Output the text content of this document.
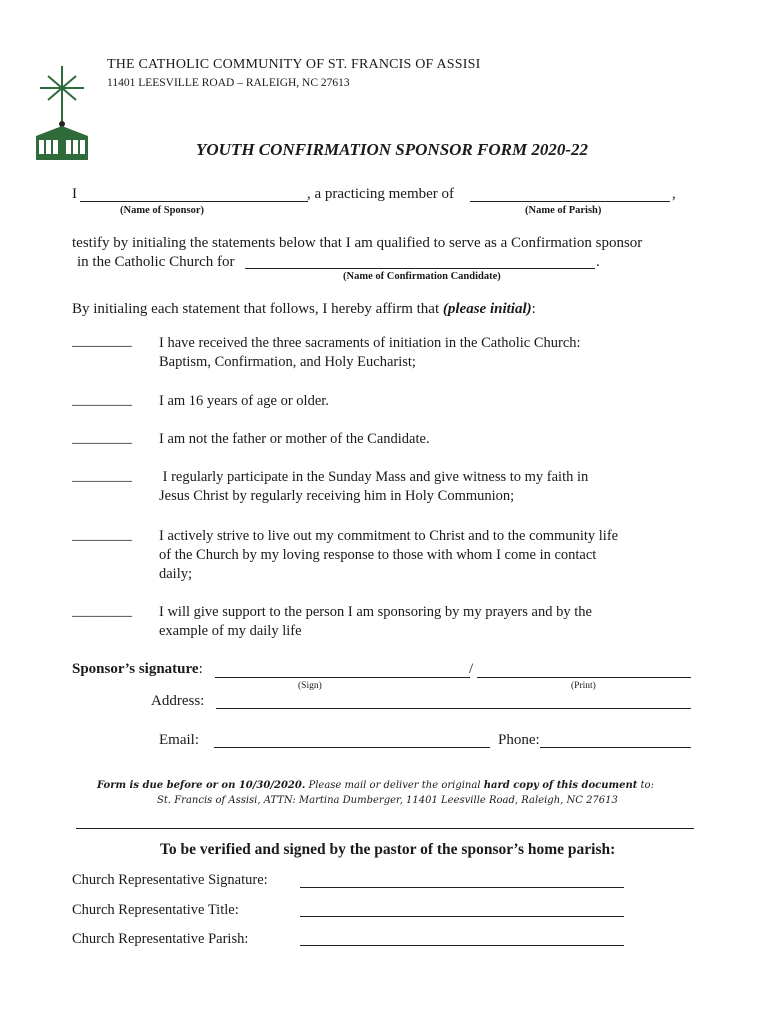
THE CATHOLIC COMMUNITY OF ST. FRANCIS OF ASSISI
11401 LEESVILLE ROAD – RALEIGH, NC 27613
YOUTH CONFIRMATION SPONSOR FORM 2020-22
I	, a practicing member of	,
(Name of Sponsor)	(Name of Parish)
testify by initialing the statements below that I am qualified to serve as a Confirmation sponsor
in the Catholic Church for	.
(Name of Confirmation Candidate)
By initialing each statement that follows, I hereby affirm that (please initial):
________ I have received the three sacraments of initiation in the Catholic Church:
Baptism, Confirmation, and Holy Eucharist;
________ I am 16 years of age or older.
________ I am not the father or mother of the Candidate.
________ I regularly participate in the Sunday Mass and give witness to my faith in
Jesus Christ by regularly receiving him in Holy Communion;
________ I actively strive to live out my commitment to Christ and to the community life
of the Church by my loving response to those with whom I come in contact
daily;
________ I will give support to the person I am sponsoring by my prayers and by the
example of my daily life
Sponsor’s signature:	/
(Sign)	(Print)
Address:
Email:	Phone:
Form is due before or on 10/30/2020. Please mail or deliver the original hard copy of this document to:
St. Francis of Assisi, ATTN: Martina Dumberger, 11401 Leesville Road, Raleigh, NC 27613
To be verified and signed by the pastor of the sponsor’s home parish:
Church Representative Signature:
Church Representative Title:
Church Representative Parish:
